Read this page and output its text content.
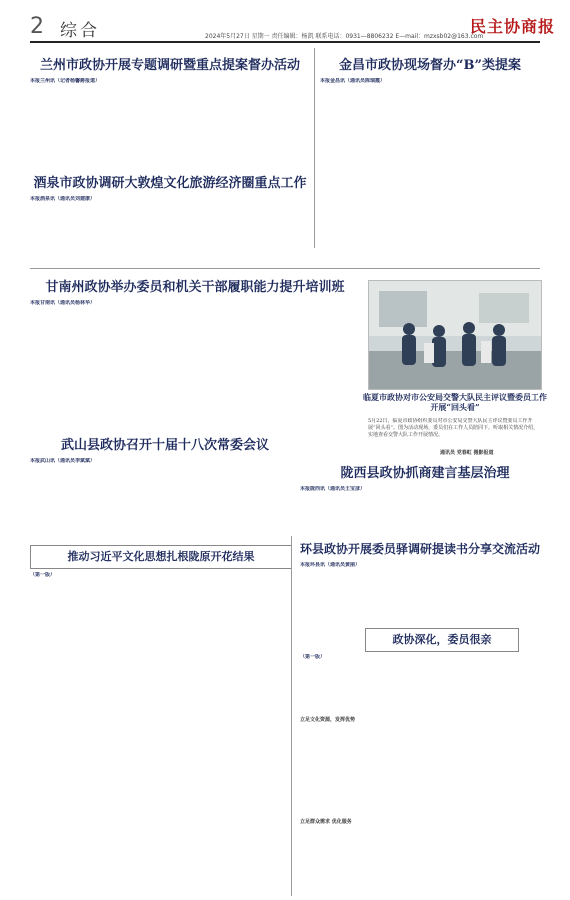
2 综合	2024年5月27日 星期一 责任编辑：杨凯 联系电话：0931—8806232 E—mail：mzxsb02@163.com
民主协商报
兰州市政协开展专题调研暨重点提案督办活动
本报兰州讯（记者杨馨爵报道）
金昌市政协现场督办“B”类提案
本报金昌讯（通讯员陈瑞霞）
酒泉市政协调研大敦煌文化旅游经济圈重点工作
本报酒泉讯（通讯员刘建康）
甘南州政协举办委员和机关干部履职能力提升培训班
本报甘南讯（通讯员杨林华）
临夏市政协对市公安局交警大队民主评议暨委员工作开展“回头看”
5月22日，临夏市政协组织委员对市公安局交警大队民主评议暨委员工作开展“回头看”。图为活动现场，委员们在工作人员陪同下，听取相关情况介绍，实地查看交警大队工作开展情况。
通讯员 党春虹 摄影报道
武山县政协召开十届十八次常委会议
本报武山讯（通讯员李斌斌）
陇西县政协抓商建言基层治理
本报陇西讯（通讯员王宝彦）
环县政协开展委员驿调研提读书分享交流活动
本报环县讯（通讯员黄丽）
推动习近平文化思想扎根陇原开花结果
（第一版）
政协深化，委员很亲
（第一版）
立足文化资源，发挥优势
立足群众需求 优化服务
